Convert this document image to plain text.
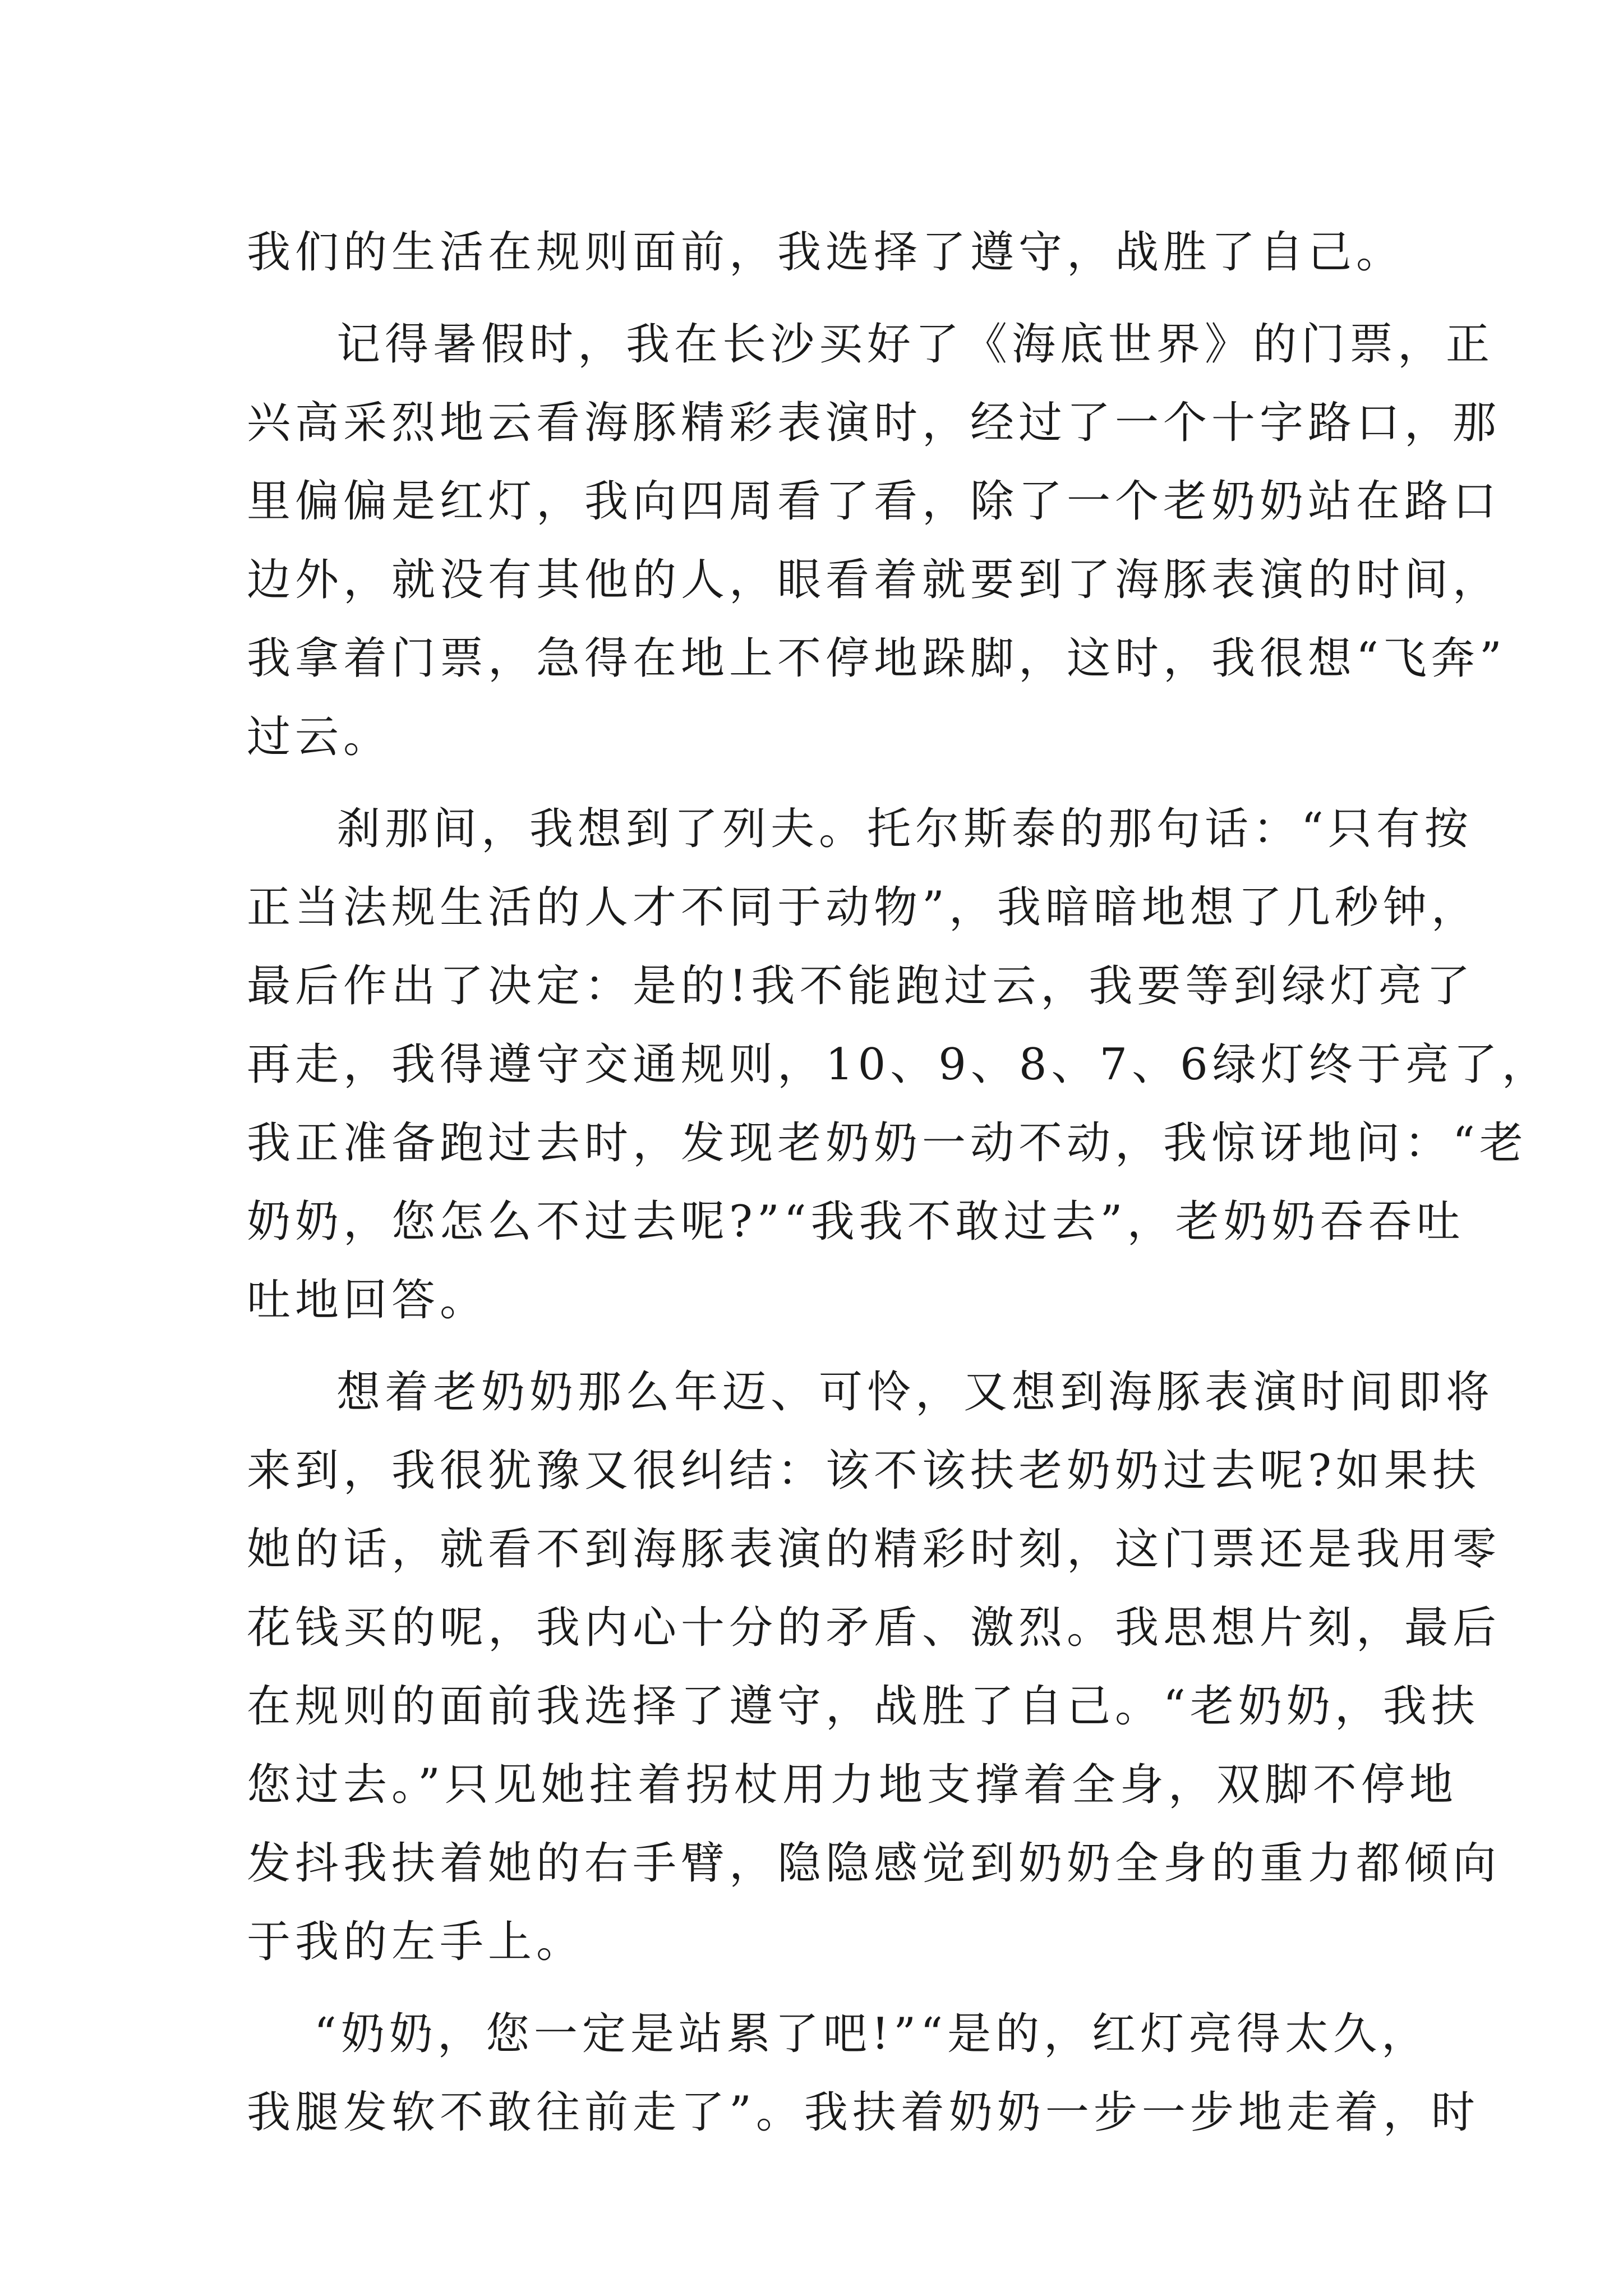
我们的生活在规则面前，我选择了遵守，战胜了自己。
记得暑假时，我在长沙买好了《海底世界》的门票，正
兴高采烈地云看海豚精彩表演时，经过了一个十字路口，那
里偏偏是红灯，我向四周看了看，除了一个老奶奶站在路口
边外，就没有其他的人，眼看着就要到了海豚表演的时间，
我拿着门票，急得在地上不停地跺脚，这时，我很想“飞奔”
过云。
刹那间，我想到了列夫。托尔斯泰的那句话：“只有按
正当法规生活的人才不同于动物”，我暗暗地想了几秒钟，
最后作出了决定：是的!我不能跑过云，我要等到绿灯亮了
再走，我得遵守交通规则，10、9、8、7、6绿灯终于亮了，
我正准备跑过去时，发现老奶奶一动不动，我惊讶地问：“老
奶奶，您怎么不过去呢?”“我我不敢过去”，老奶奶吞吞吐
吐地回答。
想着老奶奶那么年迈、可怜，又想到海豚表演时间即将
来到，我很犹豫又很纠结：该不该扶老奶奶过去呢?如果扶
她的话，就看不到海豚表演的精彩时刻，这门票还是我用零
花钱买的呢，我内心十分的矛盾、激烈。我思想片刻，最后
在规则的面前我选择了遵守，战胜了自己。“老奶奶，我扶
您过去。”只见她拄着拐杖用力地支撑着全身，双脚不停地
发抖我扶着她的右手臂，隐隐感觉到奶奶全身的重力都倾向
于我的左手上。
“奶奶，您一定是站累了吧!”“是的，红灯亮得太久，
我腿发软不敢往前走了”。我扶着奶奶一步一步地走着，时
